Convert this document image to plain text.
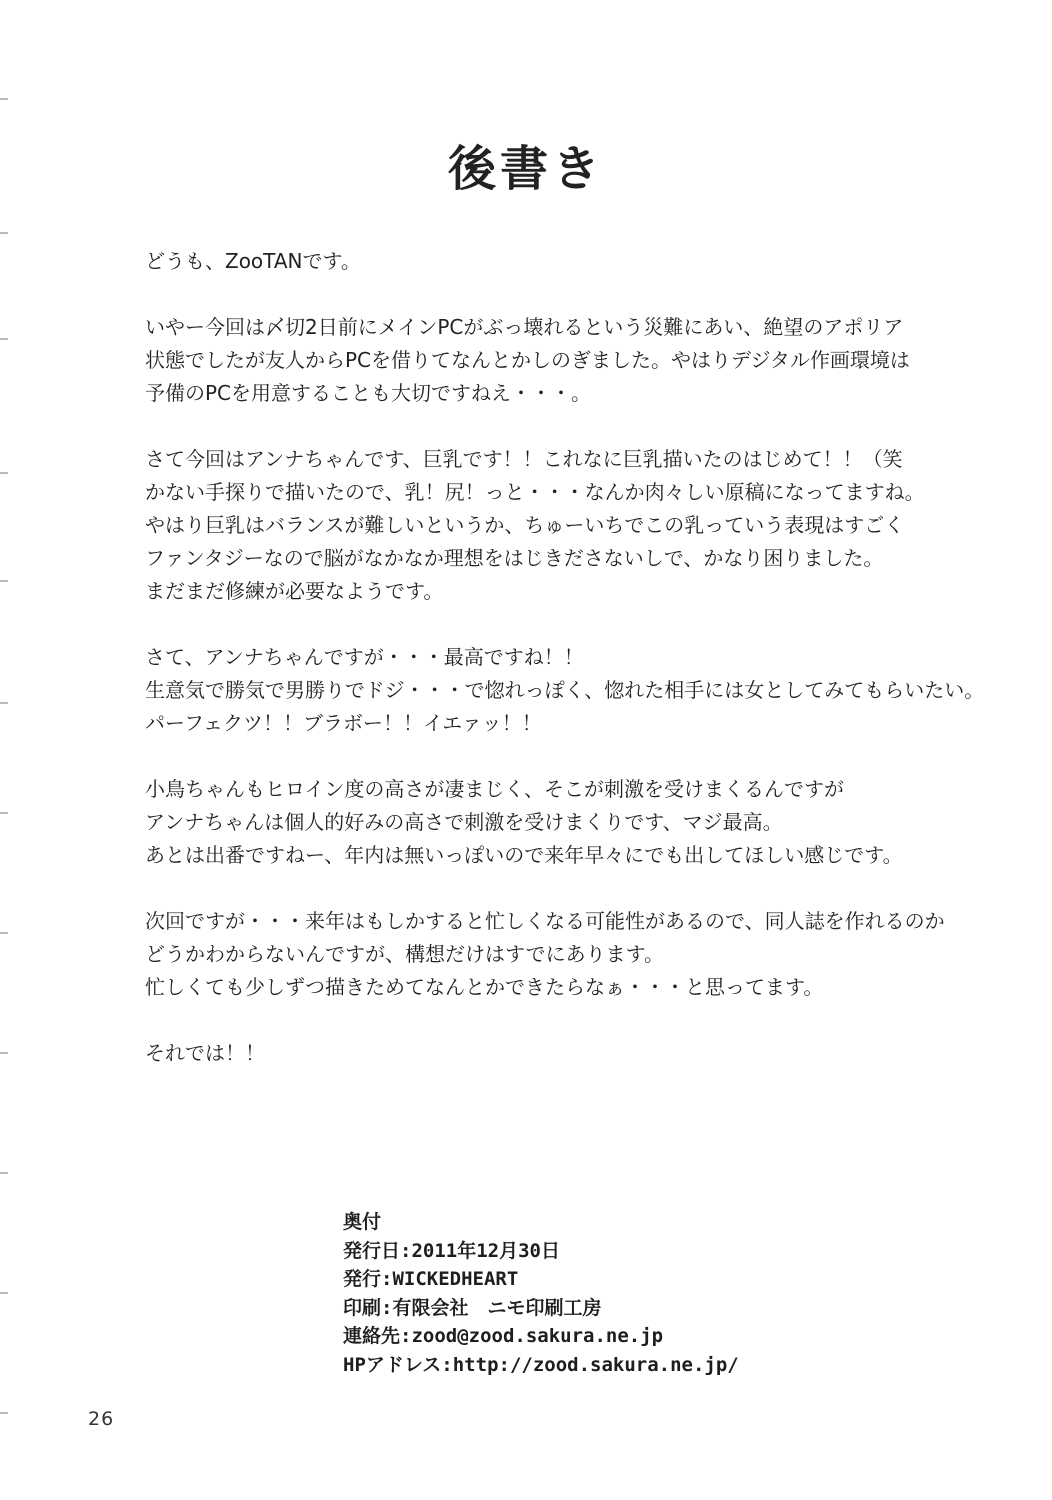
後書き

どうも、ZooTANです。

いやー今回は〆切2日前にメインPCがぶっ壊れるという災難にあい、絶望のアポリア
状態でしたが友人からPCを借りてなんとかしのぎました。やはりデジタル作画環境は
予備のPCを用意することも大切ですねえ・・・。

さて今回はアンナちゃんです、巨乳です！！これなに巨乳描いたのはじめて！！（笑
かない手探りで描いたので、乳！尻！っと・・・なんか肉々しい原稿になってますね。
やはり巨乳はバランスが難しいというか、ちゅーいちでこの乳っていう表現はすごく
ファンタジーなので脳がなかなか理想をはじきださないしで、かなり困りました。
まだまだ修練が必要なようです。

さて、アンナちゃんですが・・・最高ですね！！
生意気で勝気で男勝りでドジ・・・で惚れっぽく、惚れた相手には女としてみてもらいたい。
パーフェクツ！！ブラボー！！イエァッ！！

小鳥ちゃんもヒロイン度の高さが凄まじく、そこが刺激を受けまくるんですが
アンナちゃんは個人的好みの高さで刺激を受けまくりです、マジ最高。
あとは出番ですねー、年内は無いっぽいので来年早々にでも出してほしい感じです。

次回ですが・・・来年はもしかすると忙しくなる可能性があるので、同人誌を作れるのか
どうかわからないんですが、構想だけはすでにあります。
忙しくても少しずつ描きためてなんとかできたらなぁ・・・と思ってます。

それでは！！

奥付
発行日:2011年12月30日
発行:WICKEDHEART
印刷:有限会社　ニモ印刷工房
連絡先:zood@zood.sakura.ne.jp
HPアドレス:http://zood.sakura.ne.jp/
26
